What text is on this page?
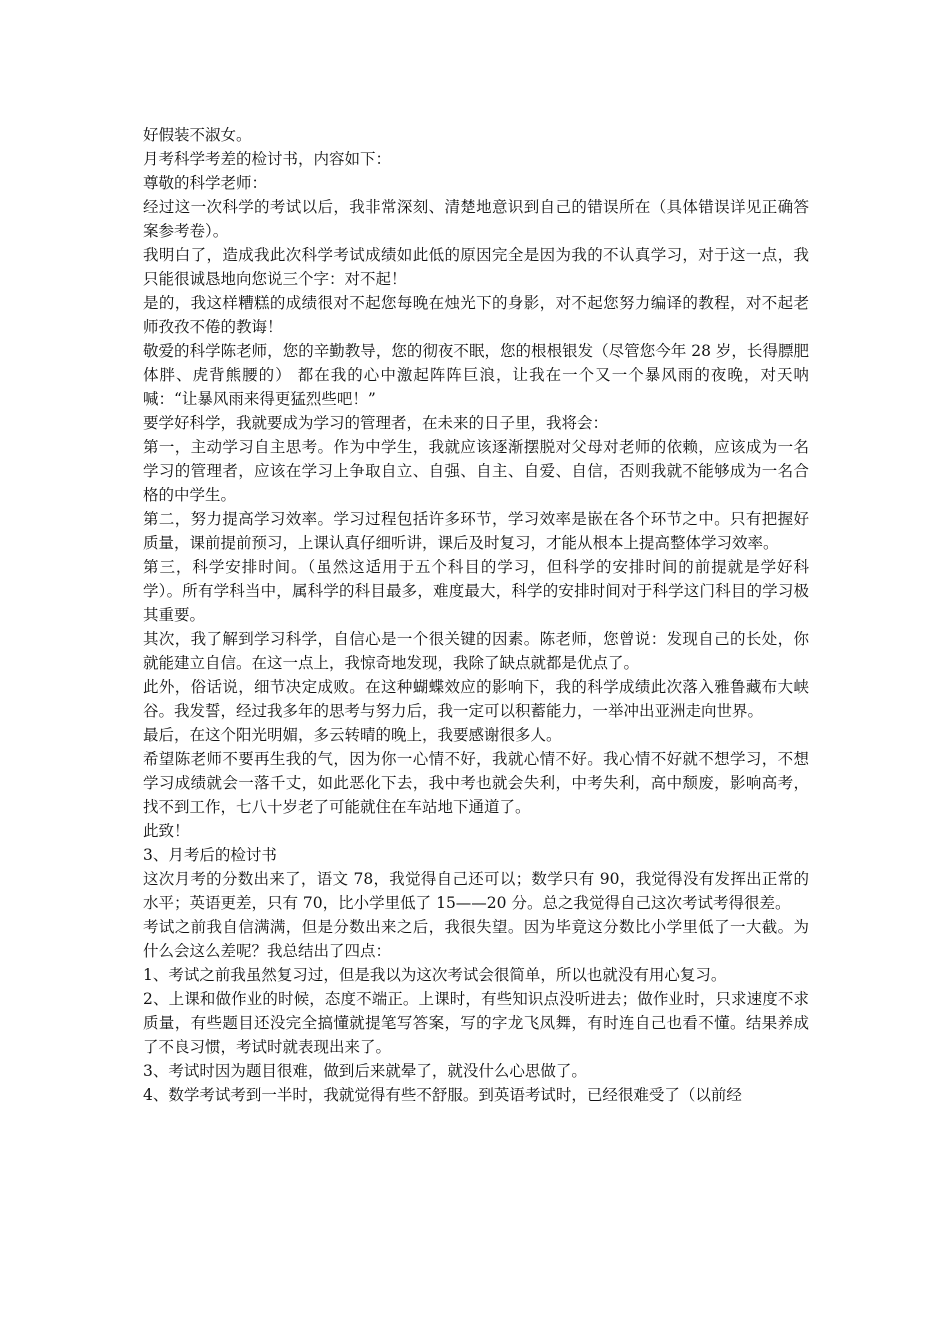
好假装不淑女。

月考科学考差的检讨书，内容如下：

尊敬的科学老师：

经过这一次科学的考试以后，我非常深刻、清楚地意识到自己的错误所在（具体错误详见正确答案参考卷）。

我明白了，造成我此次科学考试成绩如此低的原因完全是因为我的不认真学习，对于这一点，我只能很诚恳地向您说三个字：对不起！

是的，我这样糟糕的成绩很对不起您每晚在烛光下的身影，对不起您努力编译的教程，对不起老师孜孜不倦的教诲！

敬爱的科学陈老师，您的辛勤教导，您的彻夜不眠，您的根根银发（尽管您今年 28 岁，长得膘肥体胖、虎背熊腰的） 都在我的心中激起阵阵巨浪，让我在一个又一个暴风雨的夜晚，对天呐喊：“让暴风雨来得更猛烈些吧！”

要学好科学，我就要成为学习的管理者，在未来的日子里，我将会：

第一，主动学习自主思考。作为中学生，我就应该逐渐摆脱对父母对老师的依赖，应该成为一名学习的管理者，应该在学习上争取自立、自强、自主、自爱、自信，否则我就不能够成为一名合格的中学生。

第二，努力提高学习效率。学习过程包括许多环节，学习效率是嵌在各个环节之中。只有把握好质量，课前提前预习，上课认真仔细听讲，课后及时复习，才能从根本上提高整体学习效率。

第三，科学安排时间。（虽然这适用于五个科目的学习，但科学的安排时间的前提就是学好科学）。所有学科当中，属科学的科目最多，难度最大，科学的安排时间对于科学这门科目的学习极其重要。

其次，我了解到学习科学，自信心是一个很关键的因素。陈老师，您曾说：发现自己的长处，你就能建立自信。在这一点上，我惊奇地发现，我除了缺点就都是优点了。

此外，俗话说，细节决定成败。在这种蝴蝶效应的影响下，我的科学成绩此次落入雅鲁藏布大峡谷。我发誓，经过我多年的思考与努力后，我一定可以积蓄能力，一举冲出亚洲走向世界。

最后，在这个阳光明媚，多云转晴的晚上，我要感谢很多人。

希望陈老师不要再生我的气，因为你一心情不好，我就心情不好。我心情不好就不想学习，不想学习成绩就会一落千丈，如此恶化下去，我中考也就会失利，中考失利，高中颓废，影响高考，找不到工作，七八十岁老了可能就住在车站地下通道了。

此致！

3、月考后的检讨书

这次月考的分数出来了，语文 78，我觉得自己还可以；数学只有 90，我觉得没有发挥出正常的水平；英语更差，只有 70，比小学里低了 15——20 分。总之我觉得自己这次考试考得很差。

考试之前我自信满满，但是分数出来之后，我很失望。因为毕竟这分数比小学里低了一大截。为什么会这么差呢？我总结出了四点：

1、考试之前我虽然复习过，但是我以为这次考试会很简单，所以也就没有用心复习。

2、上课和做作业的时候，态度不端正。上课时，有些知识点没听进去；做作业时，只求速度不求质量，有些题目还没完全搞懂就提笔写答案，写的字龙飞凤舞，有时连自己也看不懂。结果养成了不良习惯，考试时就表现出来了。

3、考试时因为题目很难，做到后来就晕了，就没什么心思做了。

4、数学考试考到一半时，我就觉得有些不舒服。到英语考试时，已经很难受了（以前经
